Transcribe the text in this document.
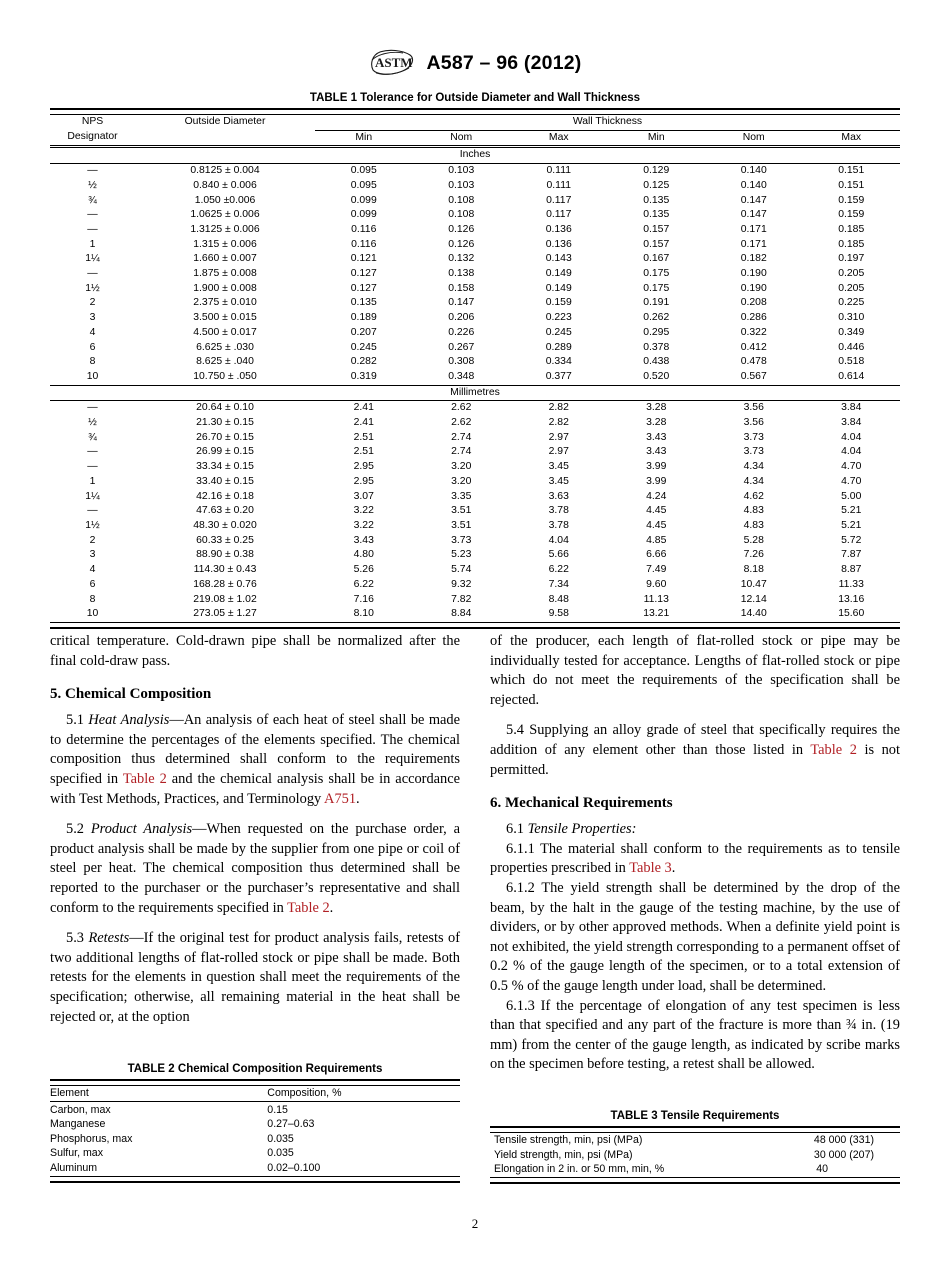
ASTM A587 – 96 (2012)
TABLE 1 Tolerance for Outside Diameter and Wall Thickness

NPS
Designator	Outside Diameter	Wall Thickness					
		Min	Nom	Max	Min	Nom	Max

Inches							
—	0.8125 ± 0.004	0.095	0.103	0.111	0.129	0.140	0.151
½	0.840 ± 0.006	0.095	0.103	0.111	0.125	0.140	0.151
¾	1.050 ±0.006	0.099	0.108	0.117	0.135	0.147	0.159
—	1.0625 ± 0.006	0.099	0.108	0.117	0.135	0.147	0.159
—	1.3125 ± 0.006	0.116	0.126	0.136	0.157	0.171	0.185
1	1.315 ± 0.006	0.116	0.126	0.136	0.157	0.171	0.185
1¼	1.660 ± 0.007	0.121	0.132	0.143	0.167	0.182	0.197
—	1.875 ± 0.008	0.127	0.138	0.149	0.175	0.190	0.205
1½	1.900 ± 0.008	0.127	0.158	0.149	0.175	0.190	0.205
2	2.375 ± 0.010	0.135	0.147	0.159	0.191	0.208	0.225
3	3.500 ± 0.015	0.189	0.206	0.223	0.262	0.286	0.310
4	4.500 ± 0.017	0.207	0.226	0.245	0.295	0.322	0.349
6	6.625 ± .030	0.245	0.267	0.289	0.378	0.412	0.446
8	8.625 ± .040	0.282	0.308	0.334	0.438	0.478	0.518
10	10.750 ± .050	0.319	0.348	0.377	0.520	0.567	0.614
Millimetres							
—	20.64 ± 0.10	2.41	2.62	2.82	3.28	3.56	3.84
½	21.30 ± 0.15	2.41	2.62	2.82	3.28	3.56	3.84
¾	26.70 ± 0.15	2.51	2.74	2.97	3.43	3.73	4.04
—	26.99 ± 0.15	2.51	2.74	2.97	3.43	3.73	4.04
—	33.34 ± 0.15	2.95	3.20	3.45	3.99	4.34	4.70
1	33.40 ± 0.15	2.95	3.20	3.45	3.99	4.34	4.70
1¼	42.16 ± 0.18	3.07	3.35	3.63	4.24	4.62	5.00
—	47.63 ± 0.20	3.22	3.51	3.78	4.45	4.83	5.21
1½	48.30 ± 0.020	3.22	3.51	3.78	4.45	4.83	5.21
2	60.33 ± 0.25	3.43	3.73	4.04	4.85	5.28	5.72
3	88.90 ± 0.38	4.80	5.23	5.66	6.66	7.26	7.87
4	114.30 ± 0.43	5.26	5.74	6.22	7.49	8.18	8.87
6	168.28 ± 0.76	6.22	9.32	7.34	9.60	10.47	11.33
8	219.08 ± 1.02	7.16	7.82	8.48	11.13	12.14	13.16
10	273.05 ± 1.27	8.10	8.84	9.58	13.21	14.40	15.60

critical temperature. Cold-drawn pipe shall be normalized after the final cold-draw pass.

5. Chemical Composition

5.1 Heat Analysis—An analysis of each heat of steel shall be made to determine the percentages of the elements specified. The chemical composition thus determined shall conform to the requirements specified in Table 2 and the chemical analysis shall be in accordance with Test Methods, Practices, and Terminology A751.

5.2 Product Analysis—When requested on the purchase order, a product analysis shall be made by the supplier from one pipe or coil of steel per heat. The chemical composition thus determined shall be reported to the purchaser or the purchaser’s representative and shall conform to the requirements specified in Table 2.

5.3 Retests—If the original test for product analysis fails, retests of two additional lengths of flat-rolled stock or pipe shall be made. Both retests for the elements in question shall meet the requirements of the specification; otherwise, all remaining material in the heat shall be rejected or, at the option

of the producer, each length of flat-rolled stock or pipe may be individually tested for acceptance. Lengths of flat-rolled stock or pipe which do not meet the requirements of the specification shall be rejected.

5.4 Supplying an alloy grade of steel that specifically requires the addition of any element other than those listed in Table 2 is not permitted.

6. Mechanical Requirements

6.1 Tensile Properties:

6.1.1 The material shall conform to the requirements as to tensile properties prescribed in Table 3.

6.1.2 The yield strength shall be determined by the drop of the beam, by the halt in the gauge of the testing machine, by the use of dividers, or by other approved methods. When a definite yield point is not exhibited, the yield strength corresponding to a permanent offset of 0.2 % of the gauge length of the specimen, or to a total extension of 0.5 % of the gauge length under load, shall be determined.

6.1.3 If the percentage of elongation of any test specimen is less than that specified and any part of the fracture is more than ¾ in. (19 mm) from the center of the gauge length, as indicated by scribe marks on the specimen before testing, a retest shall be allowed.

TABLE 2 Chemical Composition Requirements

Element	Composition, %

Carbon, max	0.15
Manganese	0.27–0.63
Phosphorus, max	0.035
Sulfur, max	0.035
Aluminum	0.02–0.100

TABLE 3 Tensile Requirements

Tensile strength, min, psi (MPa)	48 000 (331)
Yield strength, min, psi (MPa)	30 000 (207)
Elongation in 2 in. or 50 mm, min, %	40

2
